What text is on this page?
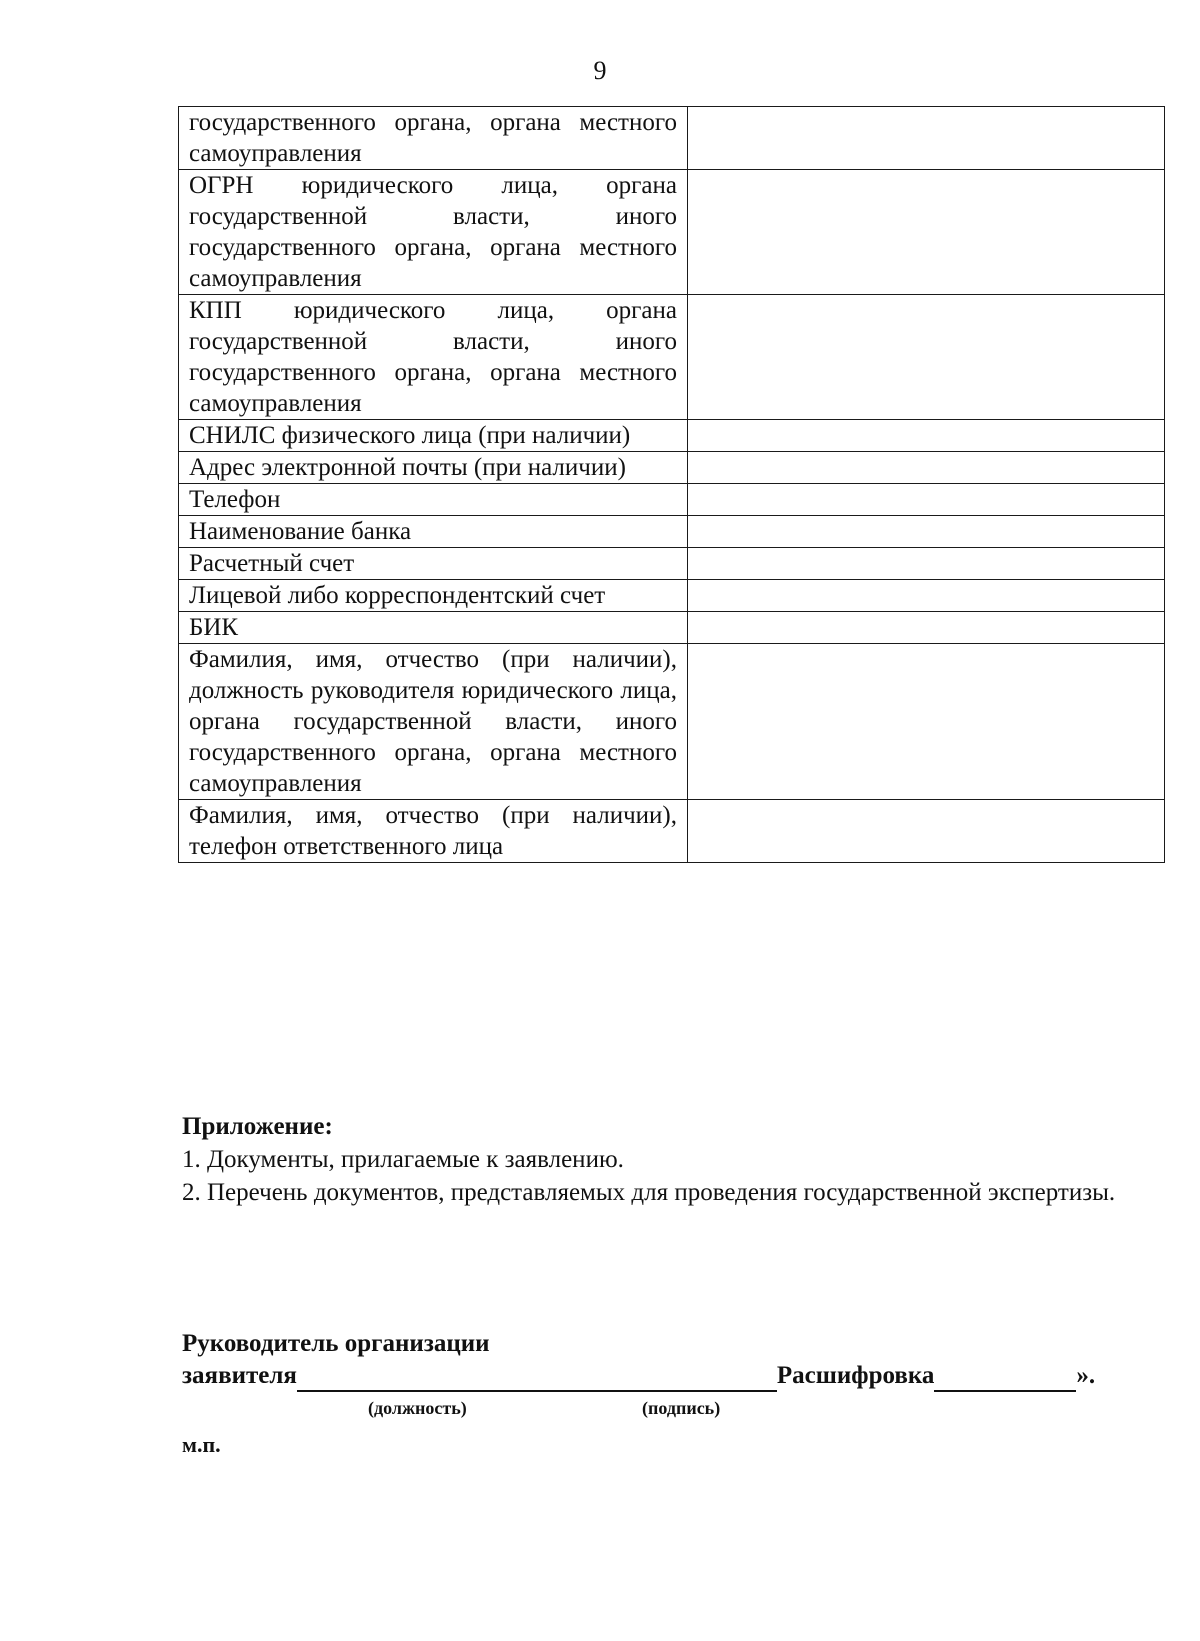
9
государственного органа, органа местного самоуправления	
ОГРН юридического лица, органа государственной власти, иного государственного органа, органа местного самоуправления	
КПП юридического лица, органа государственной власти, иного государственного органа, органа местного самоуправления	
СНИЛС физического лица (при наличии)	
Адрес электронной почты (при наличии)	
Телефон	
Наименование банка	
Расчетный счет	
Лицевой либо корреспондентский счет	
БИК	
Фамилия, имя, отчество (при наличии), должность руководителя юридического лица, органа государственной власти, иного государственного органа, органа местного самоуправления	
Фамилия, имя, отчество (при наличии), телефон ответственного лица	

Приложение:

1. Документы, прилагаемые к заявлению.

2. Перечень документов, представляемых для проведения государственной экспертизы.

Руководитель организации
заявителя	Расшифровка	».
(должность)	(подпись)
м.п.
